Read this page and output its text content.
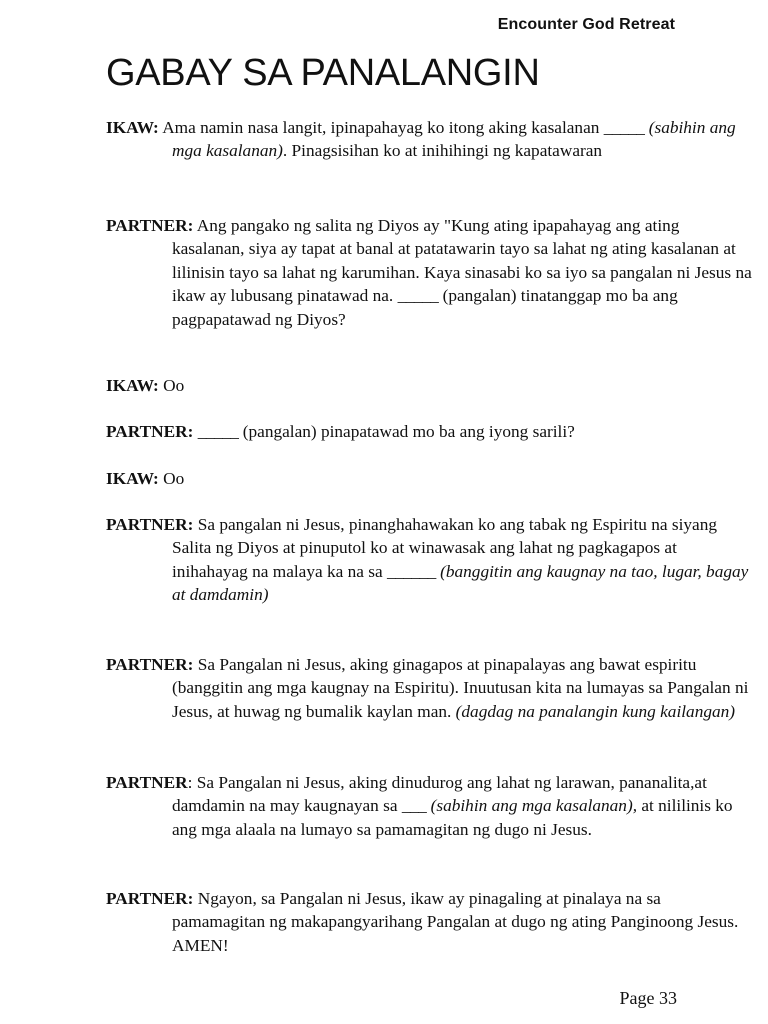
Encounter God Retreat
GABAY SA PANALANGIN
IKAW: Ama namin nasa langit, ipinapahayag ko itong aking kasalanan _____ (sabihin ang mga kasalanan). Pinagsisihan ko at inihihingi ng kapatawaran
PARTNER: Ang pangako ng salita ng Diyos ay "Kung ating ipapahayag ang ating kasalanan, siya ay tapat at banal at patatawarin tayo sa lahat ng ating kasalanan at lilinisin tayo sa lahat ng karumihan. Kaya sinasabi ko sa iyo sa pangalan ni Jesus na ikaw ay lubusang pinatawad na. _____ (pangalan) tinatanggap mo ba ang pagpapatawad ng Diyos?
IKAW: Oo
PARTNER: _____ (pangalan) pinapatawad mo ba ang iyong sarili?
IKAW: Oo
PARTNER: Sa pangalan ni Jesus, pinanghahawakan ko ang tabak ng Espiritu na siyang Salita ng Diyos at pinuputol ko at winawasak ang lahat ng pagkagapos at inihahayag na malaya ka na sa ______ (banggitin ang kaugnay na tao, lugar, bagay at damdamin)
PARTNER: Sa Pangalan ni Jesus, aking ginagapos at pinapalayas ang bawat espiritu (banggitin ang mga kaugnay na Espiritu). Inuutusan kita na lumayas sa Pangalan ni Jesus, at huwag ng bumalik kaylan man. (dagdag na panalangin kung kailangan)
PARTNER: Sa Pangalan ni Jesus, aking dinudurog ang lahat ng larawan, pananalita,at damdamin na may kaugnayan sa ___ (sabihin ang mga kasalanan), at nililinis ko ang mga alaala na lumayo sa pamamagitan ng dugo ni Jesus.
PARTNER: Ngayon, sa Pangalan ni Jesus, ikaw ay pinagaling at pinalaya na sa pamamagitan ng makapangyarihang Pangalan at dugo ng ating Panginoong Jesus. AMEN!
Page 33
